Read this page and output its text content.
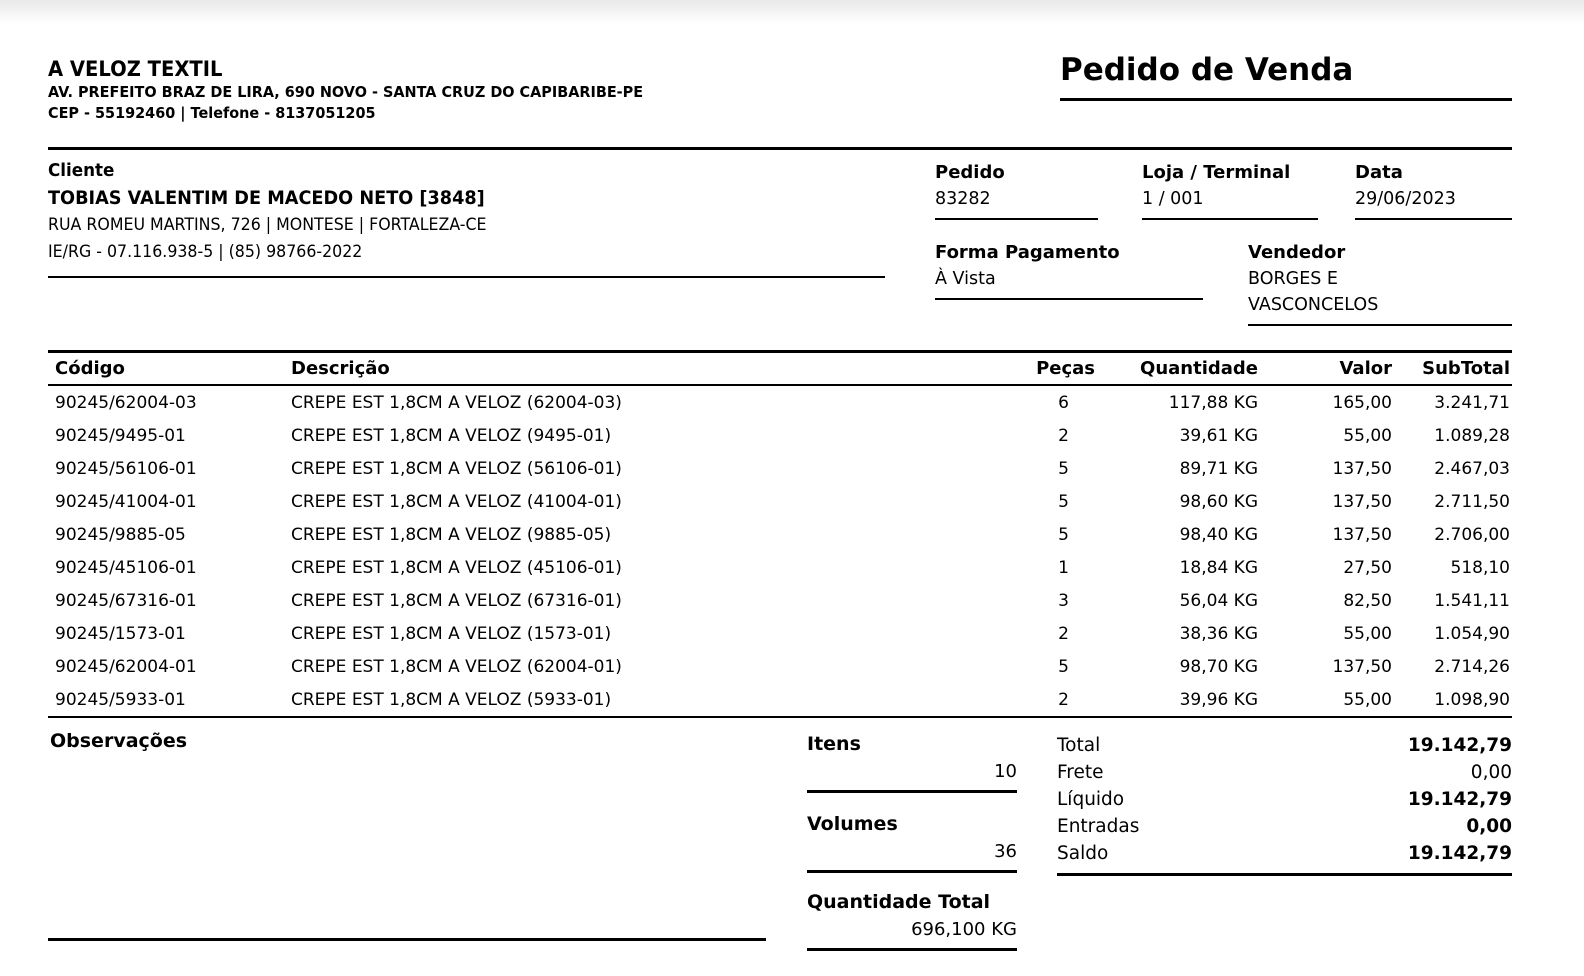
A VELOZ TEXTIL
AV. PREFEITO BRAZ DE LIRA, 690 NOVO - SANTA CRUZ DO CAPIBARIBE-PE
CEP - 55192460 | Telefone - 8137051205
Pedido de Venda
Cliente
TOBIAS VALENTIM DE MACEDO NETO [3848]
RUA ROMEU MARTINS, 726 | MONTESE | FORTALEZA-CE
IE/RG - 07.116.938-5 | (85) 98766-2022
Pedido
83282
Loja / Terminal
1 / 001
Data
29/06/2023
Forma Pagamento
À Vista
Vendedor
BORGES E
VASCONCELOS
Código	Descrição	Peças	Quantidade	Valor	SubTotal
90245/62004-03	CREPE EST 1,8CM A VELOZ (62004-03)	6	117,88 KG	165,00	3.241,71
90245/9495-01	CREPE EST 1,8CM A VELOZ (9495-01)	2	39,61 KG	55,00	1.089,28
90245/56106-01	CREPE EST 1,8CM A VELOZ (56106-01)	5	89,71 KG	137,50	2.467,03
90245/41004-01	CREPE EST 1,8CM A VELOZ (41004-01)	5	98,60 KG	137,50	2.711,50
90245/9885-05	CREPE EST 1,8CM A VELOZ (9885-05)	5	98,40 KG	137,50	2.706,00
90245/45106-01	CREPE EST 1,8CM A VELOZ (45106-01)	1	18,84 KG	27,50	518,10
90245/67316-01	CREPE EST 1,8CM A VELOZ (67316-01)	3	56,04 KG	82,50	1.541,11
90245/1573-01	CREPE EST 1,8CM A VELOZ (1573-01)	2	38,36 KG	55,00	1.054,90
90245/62004-01	CREPE EST 1,8CM A VELOZ (62004-01)	5	98,70 KG	137,50	2.714,26
90245/5933-01	CREPE EST 1,8CM A VELOZ (5933-01)	2	39,96 KG	55,00	1.098,90
Observações	Itens
10
Volumes
36
Quantidade Total
696,100 KG
Total	19.142,79
Frete	0,00
Líquido	19.142,79
Entradas	0,00
Saldo	19.142,79
